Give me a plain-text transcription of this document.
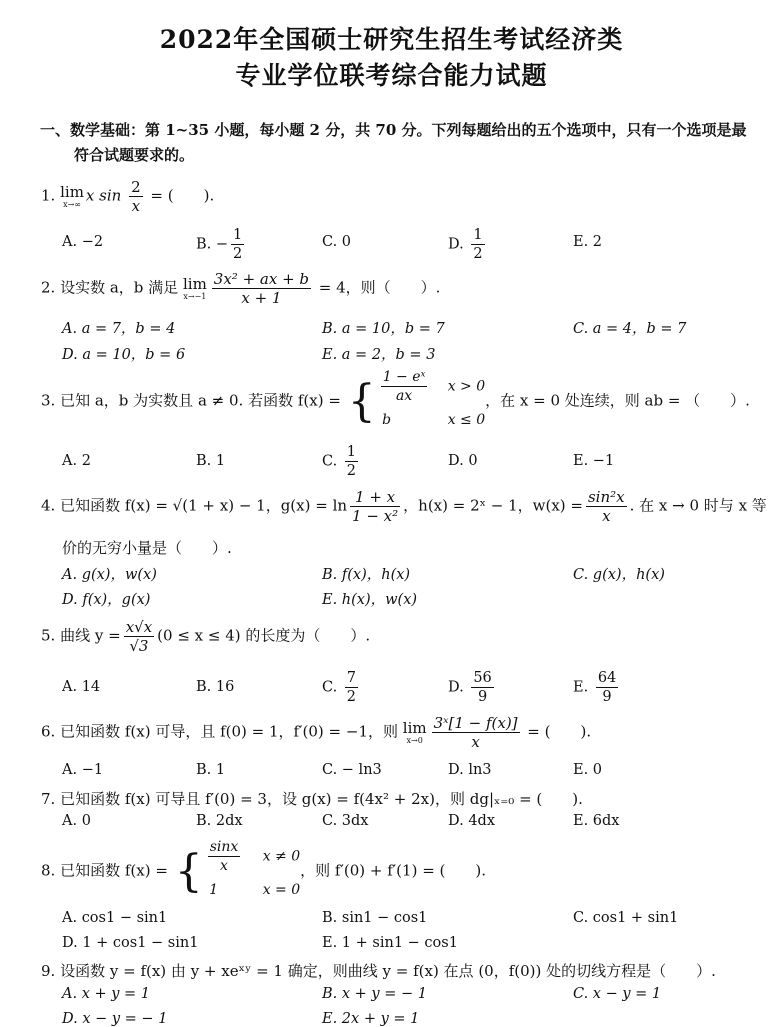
2022年全国硕士研究生招生考试经济类
专业学位联考综合能力试题
一、数学基础：第 1~35 小题，每小题 2 分，共 70 分。下列每题给出的五个选项中，只有一个选项是最
符合试题要求的。
1. lim
x→∞ x $\sin \frac{2}{x}$ = (　　).
A. −2	B. − $\frac{1}{2}$	C. 0	D. $\frac{1}{2}$	E. 2
2. 设实数 a，b 满足 lim
$x\to-1 \frac{\text{3x² + ax + b}}{x + 1} = 4$，则（　　）.
A. a = 7，b = 4	B. a = 10，b = 7	C. a = 4，b = 7
D. a = 10，b = 6	E. a = 2，b = 3
3. 已知 a，b 为实数且 a ≠ 0. 若函数 f(x) = { $\frac{\text{1 − eˣ}}{ax}$ x > 0
b	x ≤ 0
，在 x = 0 处连续，则 ab = （　　）.
A. 2	B. 1	C. $\frac{1}{2}$	D. 0	E. −1
4. 已知函数 f(x) = √(1 + x) − 1，$g(x) = \ln \frac{1 + x}{\text{1 − x²}}$ ，h(x) = 2ˣ − 1，$w(x) = \frac{\text{sin²x}}{x}$ . 在 x → 0 时与 x 等
价的无穷小量是（　　）.
A. g(x)，w(x)	B. f(x)，h(x)	C. g(x)，h(x)
D. f(x)，g(x)	E. h(x)，w(x)
5. 曲线 $y = \frac{x√x}{√3} (0 \le x \le 4)$ 的长度为（　　）.
A. 14	B. 16	C. $\frac{7}{2}$	D. $\frac{56}{9}$	E. $\frac{64}{9}$
6. 已知函数 f(x) 可导，且 f(0) = 1，f′(0) = −1，则 lim
$x\to 0 \frac{\text{3ˣ[1 − f(x)]}}{x}$ = (　　).
A. −1	B. 1	C. − ln3	D. ln3	E. 0
7. 已知函数 f(x) 可导且 f′(0) = 3，设 g(x) = f(4x² + 2x)，则 dg|ₓ₌₀ = (　　).
A. 0	B. 2dx	C. 3dx	D. 4dx	E. 6dx
8. 已知函数 f(x) = { $\frac{\sin x}{x}$ x ≠ 0
1	x = 0
，则 f′(0) + f′(1) = (　　).
A. cos1 − sin1	B. sin1 − cos1	C. cos1 + sin1
D. 1 + cos1 − sin1	E. 1 + sin1 − cos1
9. 设函数 y = f(x) 由 y + xeˣʸ = 1 确定，则曲线 y = f(x) 在点 (0，f(0)) 处的切线方程是（　　）.
A. x + y = 1	B. x + y = − 1	C. x − y = 1
D. x − y = − 1	E. 2x + y = 1
